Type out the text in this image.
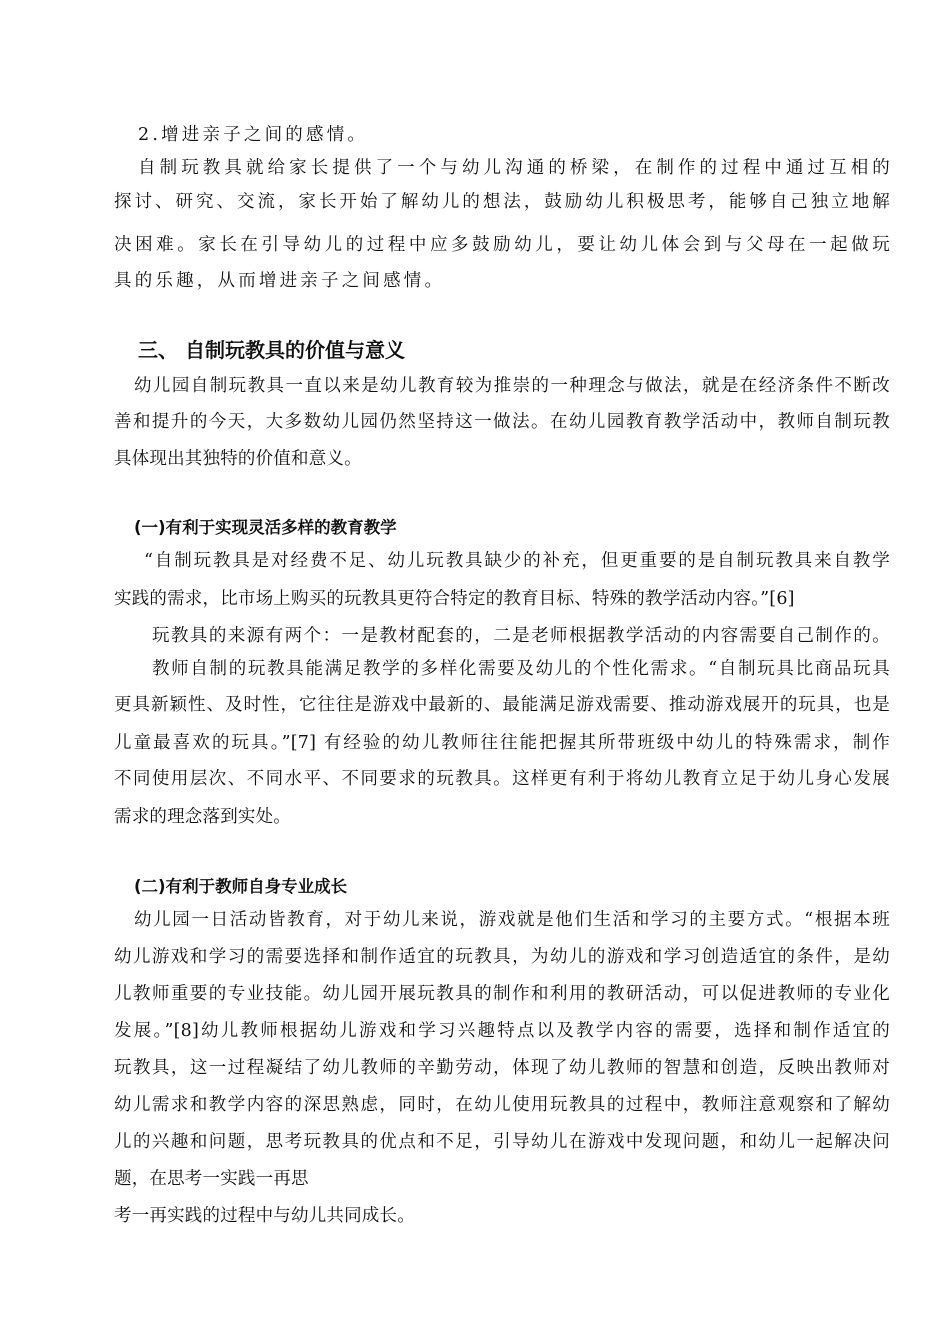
2.增进亲子之间的感情。
自制玩教具就给家长提供了一个与幼儿沟通的桥梁，在制作的过程中通过互相的
探讨、研究、交流，家长开始了解幼儿的想法，鼓励幼儿积极思考，能够自己独立地解
决困难。家长在引导幼儿的过程中应多鼓励幼儿，要让幼儿体会到与父母在一起做玩
具的乐趣，从而增进亲子之间感情。
三、 自制玩教具的价值与意义
幼儿园自制玩教具一直以来是幼儿教育较为推崇的一种理念与做法，就是在经济条件不断改
善和提升的今天，大多数幼儿园仍然坚持这一做法。在幼儿园教育教学活动中，教师自制玩教
具体现出其独特的价值和意义。
(一)有利于实现灵活多样的教育教学
“自制玩教具是对经费不足、幼儿玩教具缺少的补充，但更重要的是自制玩教具来自教学
实践的需求，比市场上购买的玩教具更符合特定的教育目标、特殊的教学活动内容。”[6]
玩教具的来源有两个：一是教材配套的，二是老师根据教学活动的内容需要自己制作的。
教师自制的玩教具能满足教学的多样化需要及幼儿的个性化需求。“自制玩具比商品玩具
更具新颖性、及时性，它往往是游戏中最新的、最能满足游戏需要、推动游戏展开的玩具，也是
儿童最喜欢的玩具。”[7] 有经验的幼儿教师往往能把握其所带班级中幼儿的特殊需求，制作
不同使用层次、不同水平、不同要求的玩教具。这样更有利于将幼儿教育立足于幼儿身心发展
需求的理念落到实处。
(二)有利于教师自身专业成长
幼儿园一日活动皆教育，对于幼儿来说，游戏就是他们生活和学习的主要方式。“根据本班
幼儿游戏和学习的需要选择和制作适宜的玩教具，为幼儿的游戏和学习创造适宜的条件，是幼
儿教师重要的专业技能。幼儿园开展玩教具的制作和利用的教研活动，可以促进教师的专业化
发展。”[8]幼儿教师根据幼儿游戏和学习兴趣特点以及教学内容的需要，选择和制作适宜的
玩教具，这一过程凝结了幼儿教师的辛勤劳动，体现了幼儿教师的智慧和创造，反映出教师对
幼儿需求和教学内容的深思熟虑，同时，在幼儿使用玩教具的过程中，教师注意观察和了解幼
儿的兴趣和问题，思考玩教具的优点和不足，引导幼儿在游戏中发现问题，和幼儿一起解决问
题，在思考一实践一再思
考一再实践的过程中与幼儿共同成长。
